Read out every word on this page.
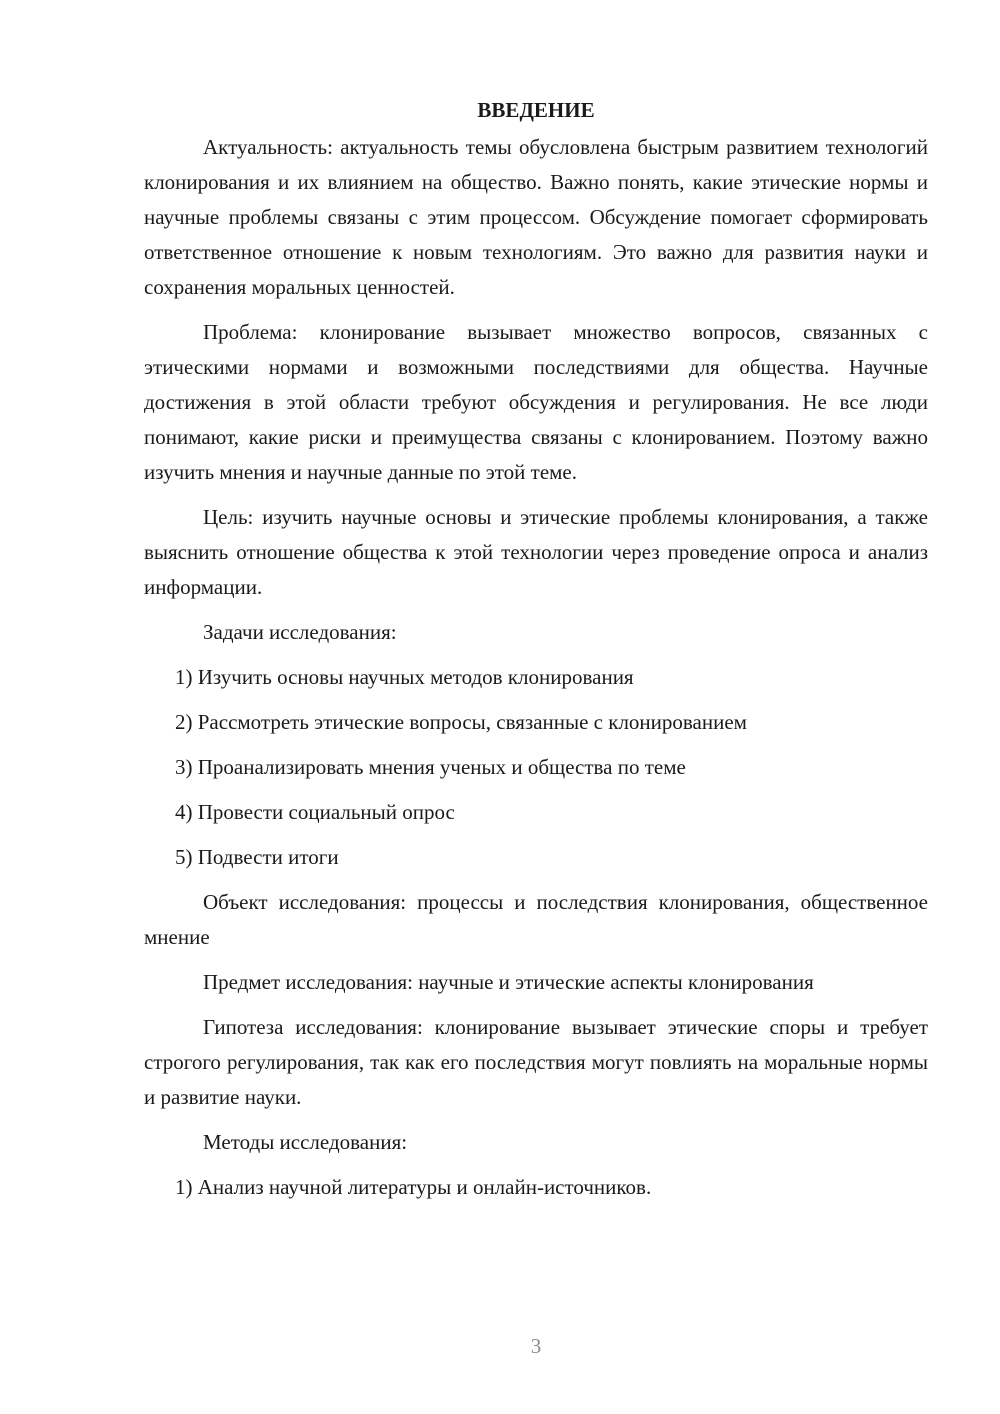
ВВЕДЕНИЕ

Актуальность: актуальность темы обусловлена быстрым развитием технологий клонирования и их влиянием на общество. Важно понять, какие этические нормы и научные проблемы связаны с этим процессом. Обсуждение помогает сформировать ответственное отношение к новым технологиям. Это важно для развития науки и сохранения моральных ценностей.

Проблема: клонирование вызывает множество вопросов, связанных с этическими нормами и возможными последствиями для общества. Научные достижения в этой области требуют обсуждения и регулирования. Не все люди понимают, какие риски и преимущества связаны с клонированием. Поэтому важно изучить мнения и научные данные по этой теме.

Цель: изучить научные основы и этические проблемы клонирования, а также выяснить отношение общества к этой технологии через проведение опроса и анализ информации.

Задачи исследования:

1) Изучить основы научных методов клонирования

2) Рассмотреть этические вопросы, связанные с клонированием

3) Проанализировать мнения ученых и общества по теме

4) Провести социальный опрос

5) Подвести итоги

Объект исследования: процессы и последствия клонирования, общественное мнение

Предмет исследования: научные и этические аспекты клонирования

Гипотеза исследования: клонирование вызывает этические споры и требует строгого регулирования, так как его последствия могут повлиять на моральные нормы и развитие науки.

Методы исследования:

1) Анализ научной литературы и онлайн-источников.

3
